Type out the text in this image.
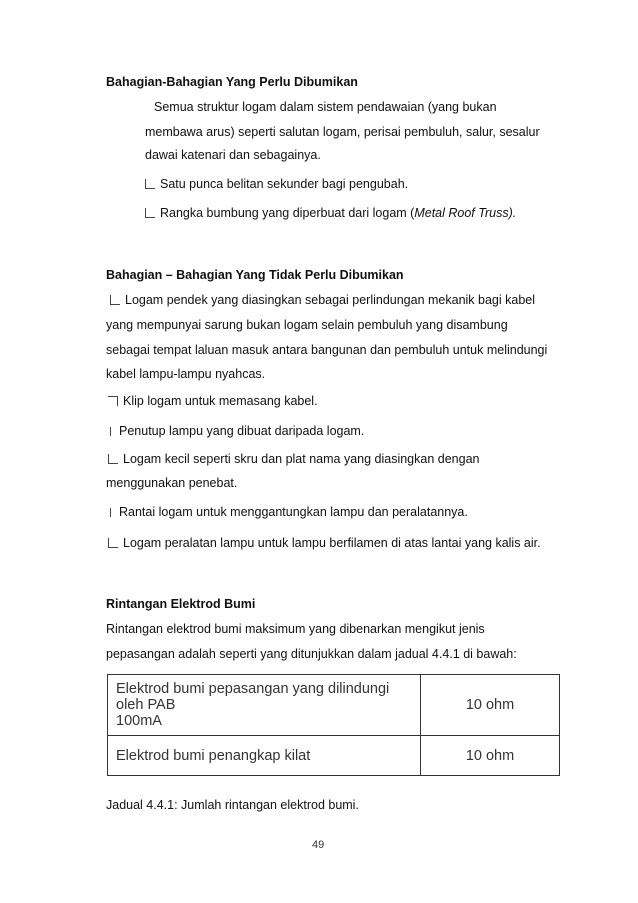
Bahagian-Bahagian Yang Perlu Dibumikan
Semua struktur logam dalam sistem pendawaian (yang bukan
membawa arus) seperti salutan logam, perisai pembuluh, salur, sesalur
dawai katenari dan sebagainya.
Satu punca belitan sekunder bagi pengubah.
Rangka bumbung yang diperbuat dari logam (Metal Roof Truss).
Bahagian – Bahagian Yang Tidak Perlu Dibumikan
Logam pendek yang diasingkan sebagai perlindungan mekanik bagi kabel
yang mempunyai sarung bukan logam selain pembuluh yang disambung
sebagai tempat laluan masuk antara bangunan dan pembuluh untuk melindungi
kabel lampu-lampu nyahcas.
Klip logam untuk memasang kabel.
Penutup lampu yang dibuat daripada logam.
Logam kecil seperti skru dan plat nama yang diasingkan dengan
menggunakan penebat.
Rantai logam untuk menggantungkan lampu dan peralatannya.
Logam peralatan lampu untuk lampu berfilamen di atas lantai yang kalis air.
Rintangan Elektrod Bumi
Rintangan elektrod bumi maksimum yang dibenarkan mengikut jenis
pepasangan adalah seperti yang ditunjukkan dalam jadual 4.4.1 di bawah:
Elektrod bumi pepasangan yang dilindungi oleh PAB
100mA	10 ohm
Elektrod bumi penangkap kilat	10 ohm
Jadual 4.4.1: Jumlah rintangan elektrod bumi.
49
